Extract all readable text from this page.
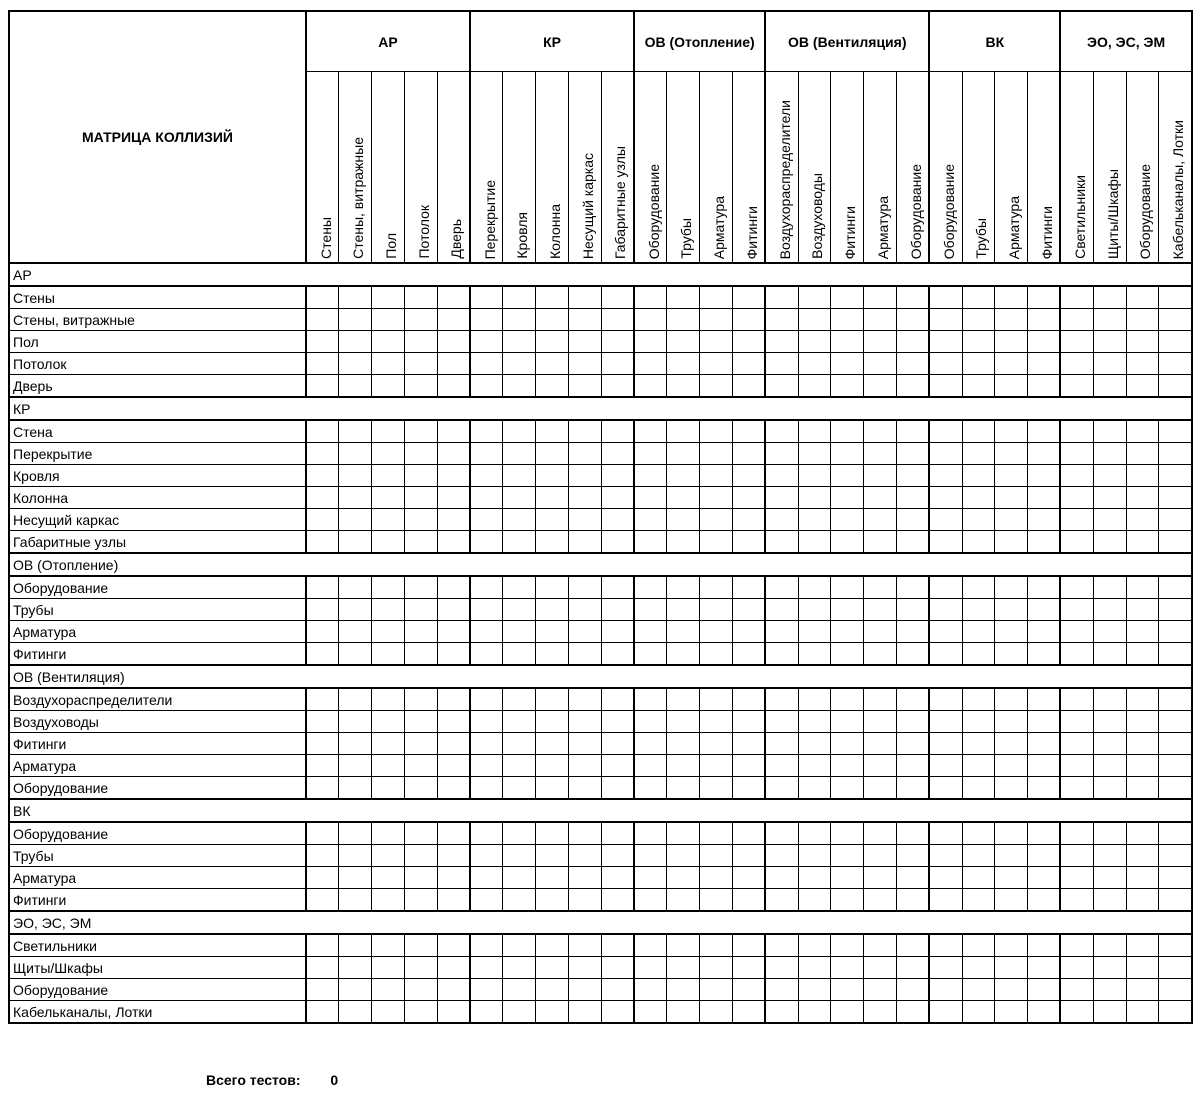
МАТРИЦА КОЛЛИЗИЙ	АР					КР					ОВ (Отопление)				ОВ (Вентиляция)					ВК				ЭО, ЭС, ЭМ			
	Стены	Стены, витражные	Пол	Потолок	Дверь	Перекрытие	Кровля	Колонна	Несущий каркас	Габаритные узлы	Оборудование	Трубы	Арматура	Фитинги	Воздухораспределители	Воздуховоды	Фитинги	Арматура	Оборудование	Оборудование	Трубы	Арматура	Фитинги	Светильники	Щиты/Шкафы	Оборудование	Кабельканалы, Лотки
АР																											
Стены																											
Стены, витражные																											
Пол																											
Потолок																											
Дверь																											
КР																											
Стена																											
Перекрытие																											
Кровля																											
Колонна																											
Несущий каркас																											
Габаритные узлы																											
ОВ (Отопление)																											
Оборудование																											
Трубы																											
Арматура																											
Фитинги																											
ОВ (Вентиляция)																											
Воздухораспределители																											
Воздуховоды																											
Фитинги																											
Арматура																											
Оборудование																											
ВК																											
Оборудование																											
Трубы																											
Арматура																											
Фитинги																											
ЭО, ЭС, ЭМ																											
Светильники																											
Щиты/Шкафы																											
Оборудование																											
Кабельканалы, Лотки																											
Всего тестов: 0
